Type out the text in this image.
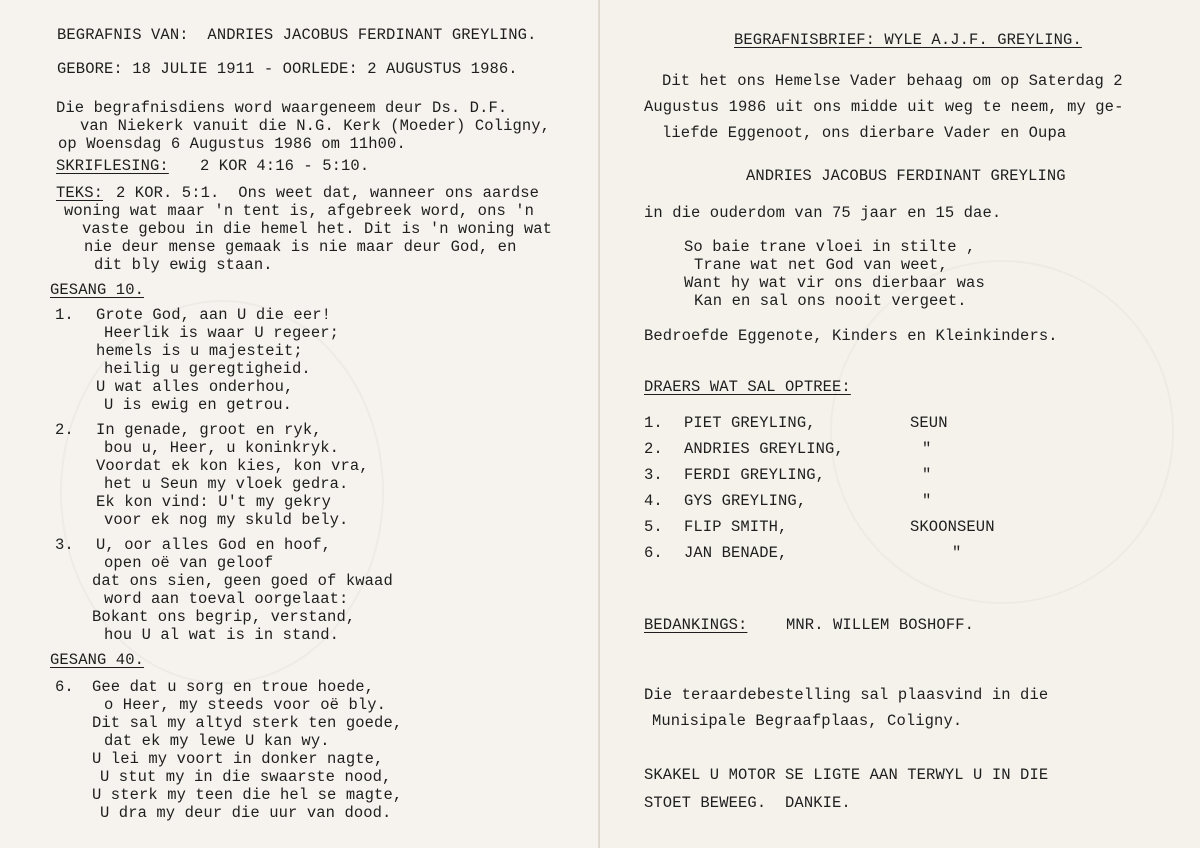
BEGRAFNIS VAN:  ANDRIES JACOBUS FERDINANT GREYLING.
GEBORE: 18 JULIE 1911 - OORLEDE: 2 AUGUSTUS 1986.
Die begrafnisdiens word waargeneem deur Ds. D.F.
van Niekerk vanuit die N.G. Kerk (Moeder) Coligny,
op Woensdag 6 Augustus 1986 om 11h00.
SKRIFLESING: 2 KOR 4:16 - 5:10.
TEKS: 2 KOR. 5:1.  Ons weet dat, wanneer ons aardse
woning wat maar 'n tent is, afgebreek word, ons 'n
vaste gebou in die hemel het. Dit is 'n woning wat
nie deur mense gemaak is nie maar deur God, en
dit bly ewig staan.
GESANG 10.
1. Grote God, aan U die eer!
Heerlik is waar U regeer;
hemels is u majesteit;
heilig u geregtigheid.
U wat alles onderhou,
U is ewig en getrou.
2. In genade, groot en ryk,
bou u, Heer, u koninkryk.
Voordat ek kon kies, kon vra,
het u Seun my vloek gedra.
Ek kon vind: U't my gekry
voor ek nog my skuld bely.
3. U, oor alles God en hoof,
open oë van geloof
dat ons sien, geen goed of kwaad
word aan toeval oorgelaat:
Bokant ons begrip, verstand,
hou U al wat is in stand.
GESANG 40.
6. Gee dat u sorg en troue hoede,
o Heer, my steeds voor oë bly.
Dit sal my altyd sterk ten goede,
dat ek my lewe U kan wy.
U lei my voort in donker nagte,
U stut my in die swaarste nood,
U sterk my teen die hel se magte,
U dra my deur die uur van dood.
BEGRAFNISBRIEF: WYLE A.J.F. GREYLING.
Dit het ons Hemelse Vader behaag om op Saterdag 2
Augustus 1986 uit ons midde uit weg te neem, my ge-
liefde Eggenoot, ons dierbare Vader en Oupa
ANDRIES JACOBUS FERDINANT GREYLING
in die ouderdom van 75 jaar en 15 dae.
So baie trane vloei in stilte ,
Trane wat net God van weet,
Want hy wat vir ons dierbaar was
Kan en sal ons nooit vergeet.
Bedroefde Eggenote, Kinders en Kleinkinders.
DRAERS WAT SAL OPTREE:
1. PIET GREYLING,	SEUN
2. ANDRIES GREYLING,	"
3. FERDI GREYLING,	"
4. GYS GREYLING,	"
5. FLIP SMITH,	SKOONSEUN
6. JAN BENADE,	"
BEDANKINGS: MNR. WILLEM BOSHOFF.
Die teraardebestelling sal plaasvind in die
Munisipale Begraafplaas, Coligny.
SKAKEL U MOTOR SE LIGTE AAN TERWYL U IN DIE
STOET BEWEEG.  DANKIE.
